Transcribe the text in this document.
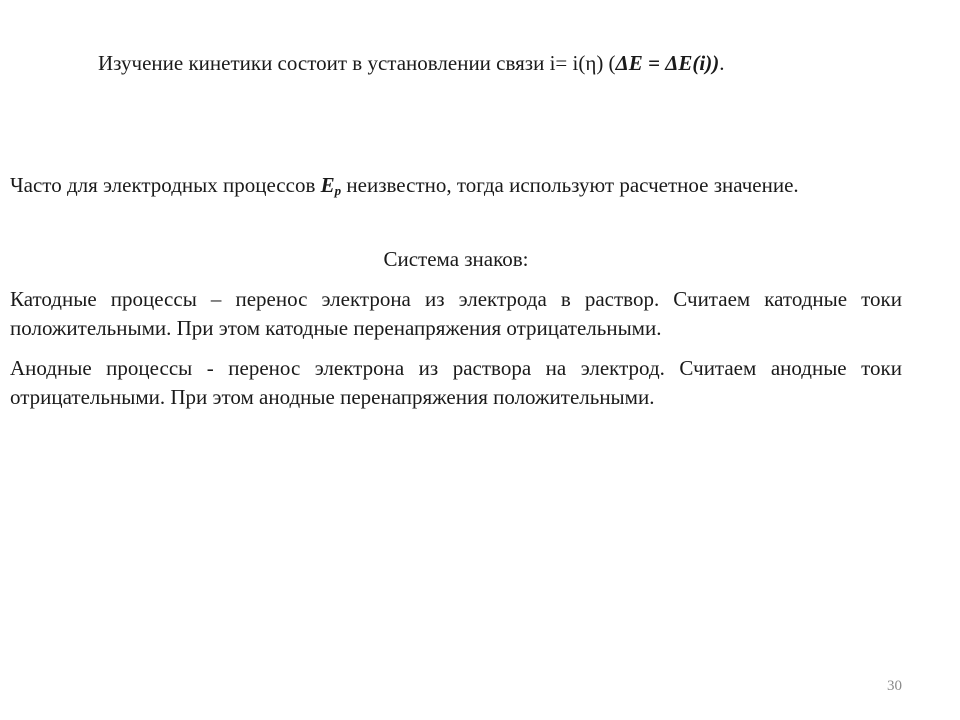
Изучение кинетики состоит в установлении связи i= i(η) (ΔE = ΔE(i)).
Часто для электродных процессов $E_p$ неизвестно, тогда используют расчетное значение.
Система знаков:
Катодные процессы – перенос электрона из электрода в раствор. Считаем катодные токи положительными. При этом катодные перенапряжения отрицательными.
Анодные процессы - перенос электрона из раствора на электрод. Считаем анодные токи отрицательными. При этом анодные перенапряжения положительными.
30
